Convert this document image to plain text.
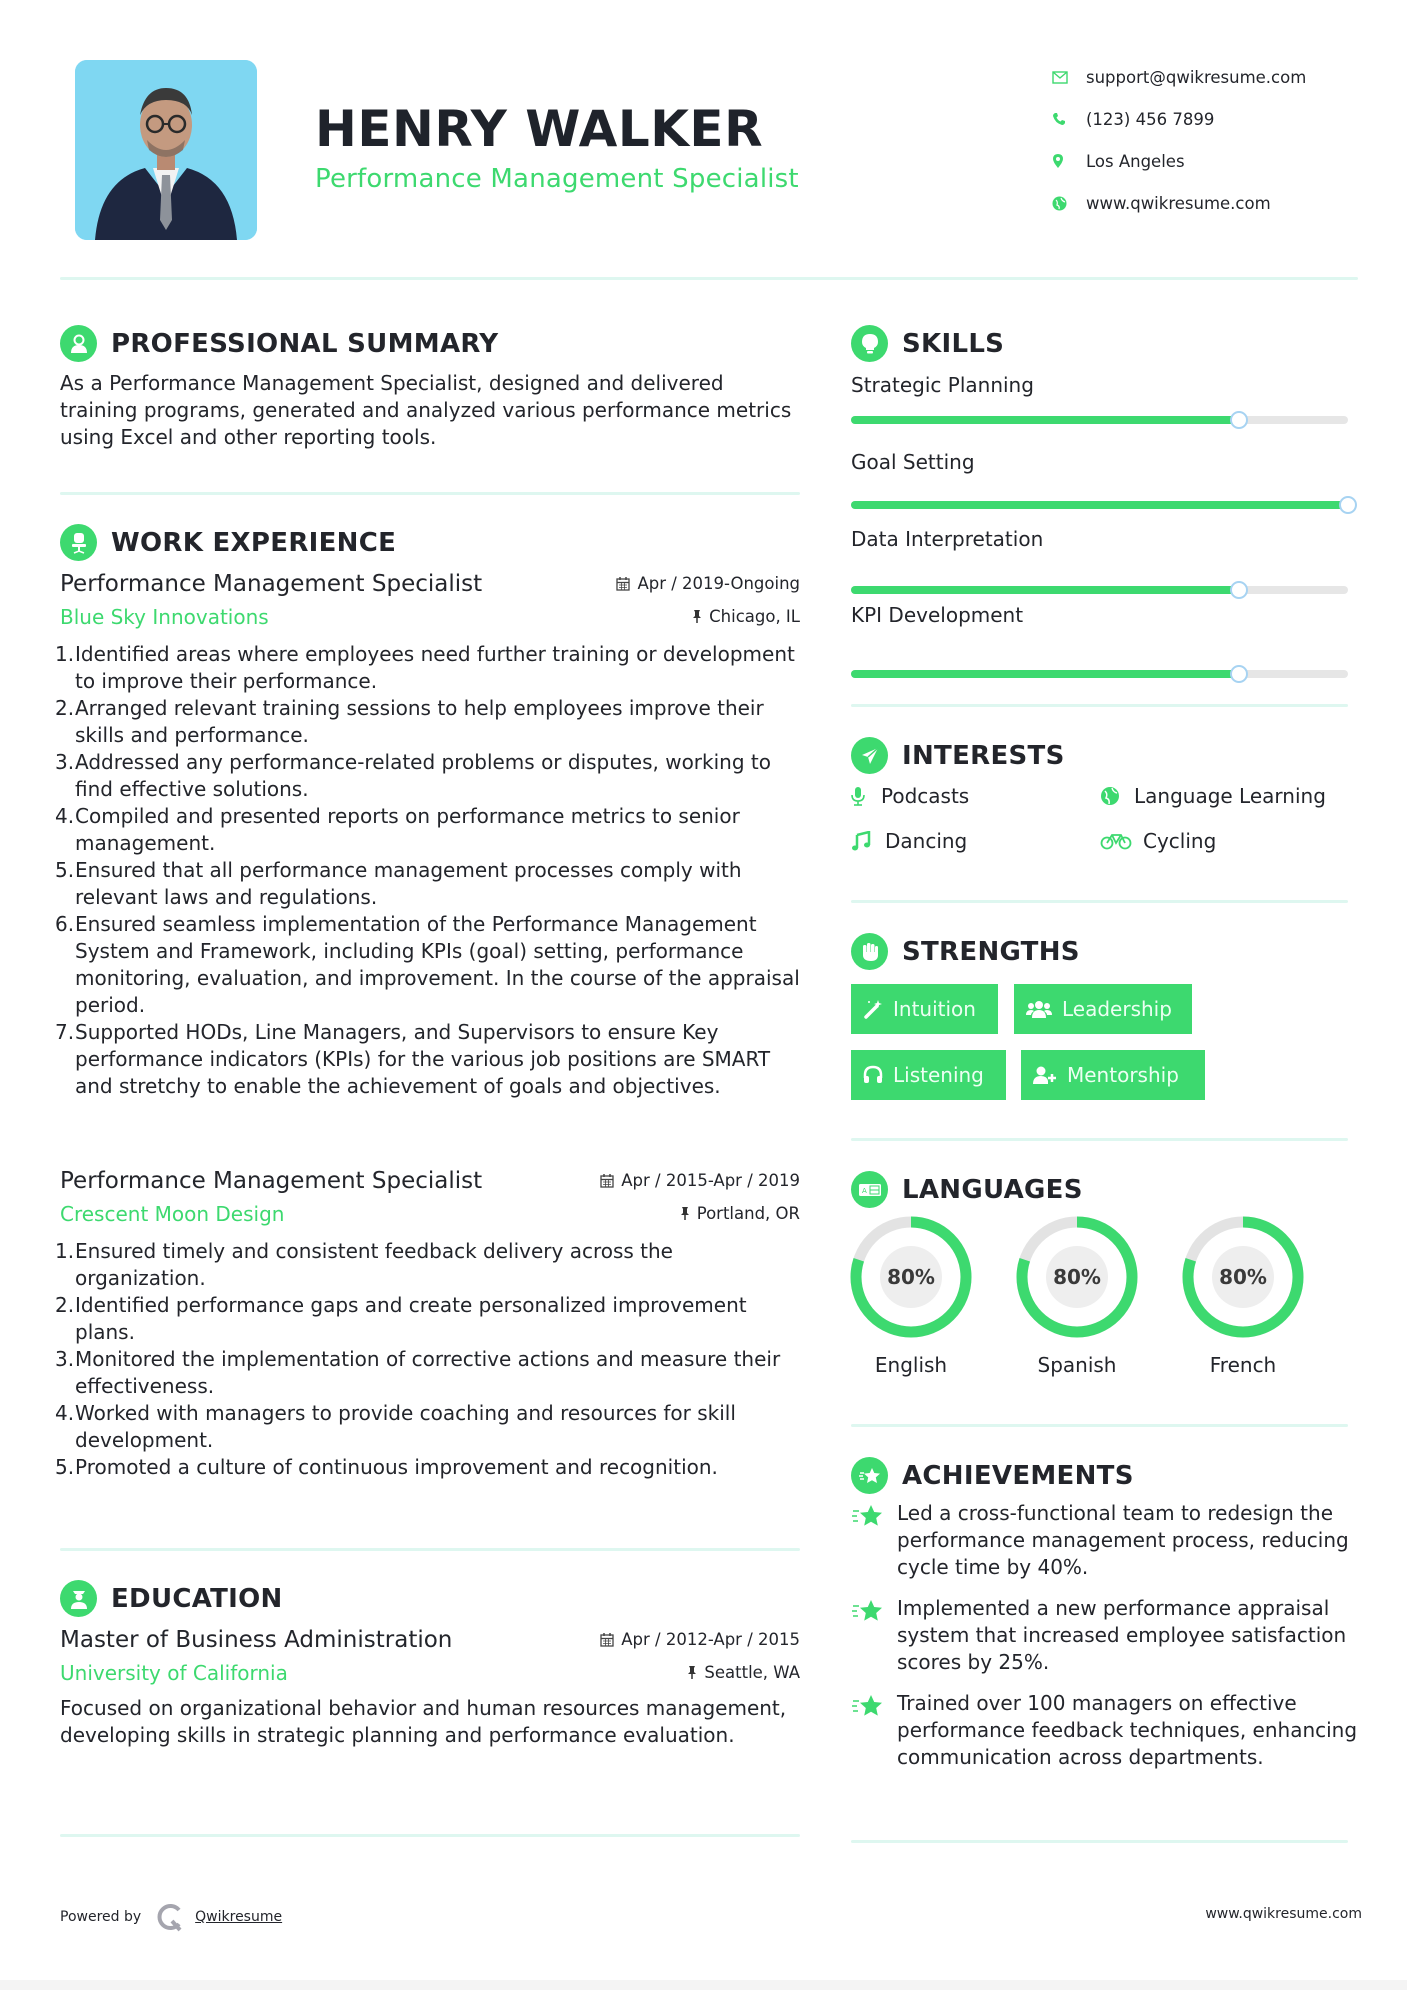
HENRY WALKER
Performance Management Specialist
support@qwikresume.com
(123) 456 7899
Los Angeles
www.qwikresume.com
PROFESSIONAL SUMMARY

As a Performance Management Specialist, designed and delivered training programs, generated and analyzed various performance metrics using Excel and other reporting tools.

WORK EXPERIENCE
Performance Management Specialist	Apr / 2019-Ongoing
Blue Sky Innovations	Chicago, IL
1. Identified areas where employees need further training or development to improve their performance.
2. Arranged relevant training sessions to help employees improve their skills and performance.
3. Addressed any performance-related problems or disputes, working to find effective solutions.
4. Compiled and presented reports on performance metrics to senior management.
5. Ensured that all performance management processes comply with relevant laws and regulations.
6. Ensured seamless implementation of the Performance Management System and Framework, including KPIs (goal) setting, performance monitoring, evaluation, and improvement. In the course of the appraisal period.
7. Supported HODs, Line Managers, and Supervisors to ensure Key performance indicators (KPIs) for the various job positions are SMART and stretchy to enable the achievement of goals and objectives.
Performance Management Specialist	Apr / 2015-Apr / 2019
Crescent Moon Design	Portland, OR
1. Ensured timely and consistent feedback delivery across the organization.
2. Identified performance gaps and create personalized improvement plans.
3. Monitored the implementation of corrective actions and measure their effectiveness.
4. Worked with managers to provide coaching and resources for skill development.
5. Promoted a culture of continuous improvement and recognition.
EDUCATION
Master of Business Administration	Apr / 2012-Apr / 2015
University of California	Seattle, WA

Focused on organizational behavior and human resources management, developing skills in strategic planning and performance evaluation.

SKILLS
Strategic Planning
Goal Setting
Data Interpretation
KPI Development
INTERESTS
Podcasts	Language Learning
Dancing	Cycling
STRENGTHS
Intuition	Leadership
Listening	Mentorship
A LANGUAGES
80%
English
80%
Spanish
80%
French
ACHIEVEMENTS
Led a cross-functional team to redesign the performance management process, reducing cycle time by 40%.
Implemented a new performance appraisal system that increased employee satisfaction scores by 25%.
Trained over 100 managers on effective performance feedback techniques, enhancing communication across departments.
Powered by	Qwikresume	www.qwikresume.com
